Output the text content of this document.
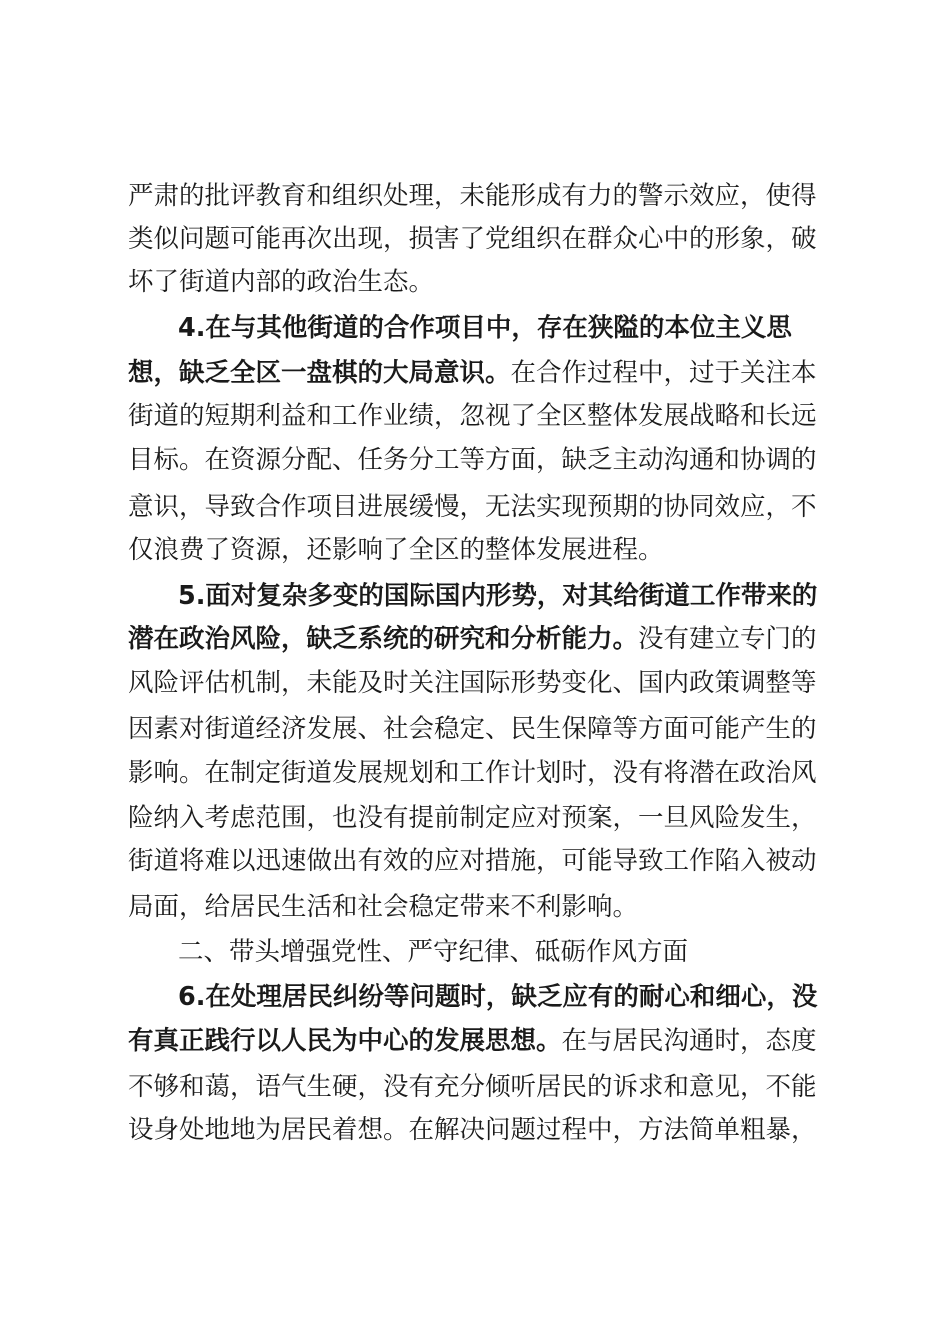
严肃的批评教育和组织处理，未能形成有力的警示效应，使得
类似问题可能再次出现，损害了党组织在群众心中的形象，破
坏了街道内部的政治生态。
4.在与其他街道的合作项目中，存在狭隘的本位主义思
想，缺乏全区一盘棋的大局意识。在合作过程中，过于关注本
街道的短期利益和工作业绩，忽视了全区整体发展战略和长远
目标。在资源分配、任务分工等方面，缺乏主动沟通和协调的
意识，导致合作项目进展缓慢，无法实现预期的协同效应，不
仅浪费了资源，还影响了全区的整体发展进程。
5.面对复杂多变的国际国内形势，对其给街道工作带来的
潜在政治风险，缺乏系统的研究和分析能力。没有建立专门的
风险评估机制，未能及时关注国际形势变化、国内政策调整等
因素对街道经济发展、社会稳定、民生保障等方面可能产生的
影响。在制定街道发展规划和工作计划时，没有将潜在政治风
险纳入考虑范围，也没有提前制定应对预案，一旦风险发生，
街道将难以迅速做出有效的应对措施，可能导致工作陷入被动
局面，给居民生活和社会稳定带来不利影响。
二、带头增强党性、严守纪律、砥砺作风方面
6.在处理居民纠纷等问题时，缺乏应有的耐心和细心，没
有真正践行以人民为中心的发展思想。在与居民沟通时，态度
不够和蔼，语气生硬，没有充分倾听居民的诉求和意见，不能
设身处地地为居民着想。在解决问题过程中，方法简单粗暴，
